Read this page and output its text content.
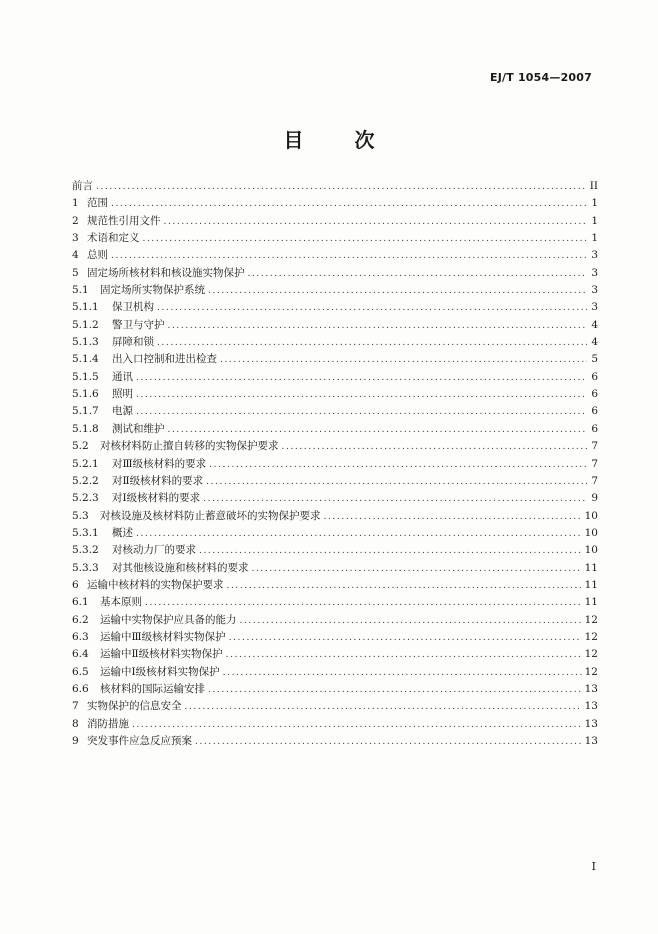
EJ/T 1054—2007
目 次
前言 .....	II
1 范围 .....	1
2 规范性引用文件 .....	1
3 术语和定义 .....	1
4 总则 .....	3
5 固定场所核材料和核设施实物保护 .....	3
5.1	固定场所实物保护系统 .....	3
5.1.1	保卫机构 .....	3
5.1.2	警卫与守护 .....	4
5.1.3	屏障和锁 .....	4
5.1.4	出入口控制和进出检查 .....	5
5.1.5	通讯 .....	6
5.1.6	照明 .....	6
5.1.7	电源 .....	6
5.1.8	测试和维护 .....	6
5.2	对核材料防止擅自转移的实物保护要求 .....	7
5.2.1	对Ⅲ级核材料的要求 .....	7
5.2.2	对Ⅱ级核材料的要求 .....	7
5.2.3	对Ⅰ级核材料的要求 .....	9
5.3	对核设施及核材料防止蓄意破坏的实物保护要求 .....	10
5.3.1	概述 .....	10
5.3.2	对核动力厂的要求 .....	10
5.3.3	对其他核设施和核材料的要求 .....	11
6 运输中核材料的实物保护要求 .....	11
6.1	基本原则 .....	11
6.2	运输中实物保护应具备的能力 .....	12
6.3	运输中Ⅲ级核材料实物保护 .....	12
6.4	运输中Ⅱ级核材料实物保护 .....	12
6.5	运输中Ⅰ级核材料实物保护 .....	12
6.6	核材料的国际运输安排 .....	13
7 实物保护的信息安全 .....	13
8 消防措施 .....	13
9 突发事件应急反应预案 .....	13
I
